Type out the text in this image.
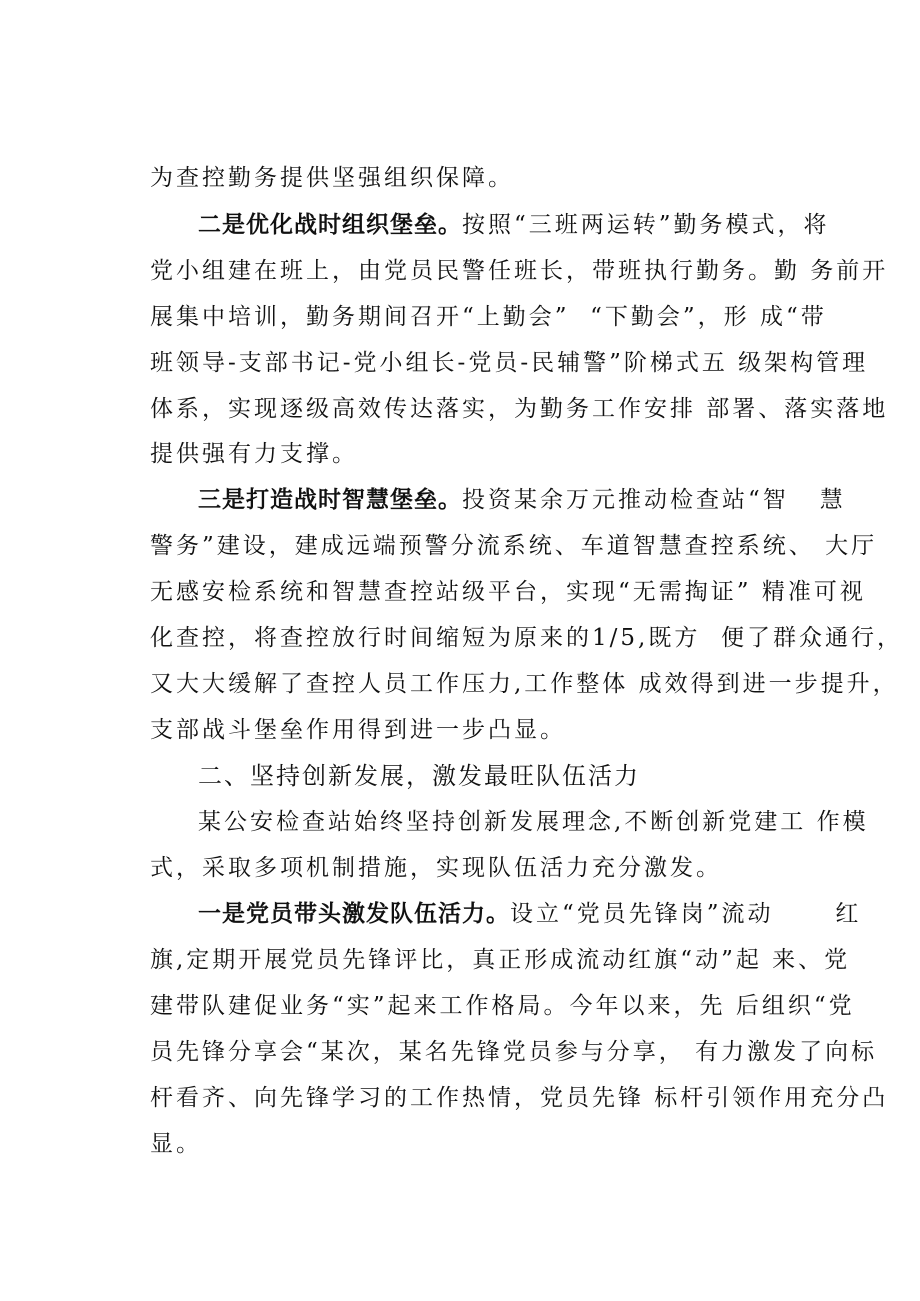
为查控勤务提供坚强组织保障。
二是优化战时组织堡垒。按照“三班两运转”勤务模式，将
党小组建在班上，由党员民警任班长，带班执行勤务。勤 务前开
展集中培训，勤务期间召开“上勤会”  “下勤会”，形 成“带
班领导-支部书记-党小组长-党员-民辅警”阶梯式五 级架构管理
体系，实现逐级高效传达落实，为勤务工作安排 部署、落实落地
提供强有力支撑。
三是打造战时智慧堡垒。投资某余万元推动检查站“智   慧
警务”建设，建成远端预警分流系统、车道智慧查控系统、 大厅
无感安检系统和智慧查控站级平台，实现“无需掏证” 精准可视
化查控，将查控放行时间缩短为原来的1/5,既方  便了群众通行，
又大大缓解了查控人员工作压力,工作整体 成效得到进一步提升，
支部战斗堡垒作用得到进一步凸显。
二、坚持创新发展，激发最旺队伍活力
某公安检查站始终坚持创新发展理念,不断创新党建工 作模
式，采取多项机制措施，实现队伍活力充分激发。
一是党员带头激发队伍活力。设立“党员先锋岗”流动      红
旗,定期开展党员先锋评比，真正形成流动红旗“动”起 来、党
建带队建促业务“实”起来工作格局。今年以来，先 后组织“党
员先锋分享会“某次，某名先锋党员参与分享， 有力激发了向标
杆看齐、向先锋学习的工作热情，党员先锋 标杆引领作用充分凸
显。
